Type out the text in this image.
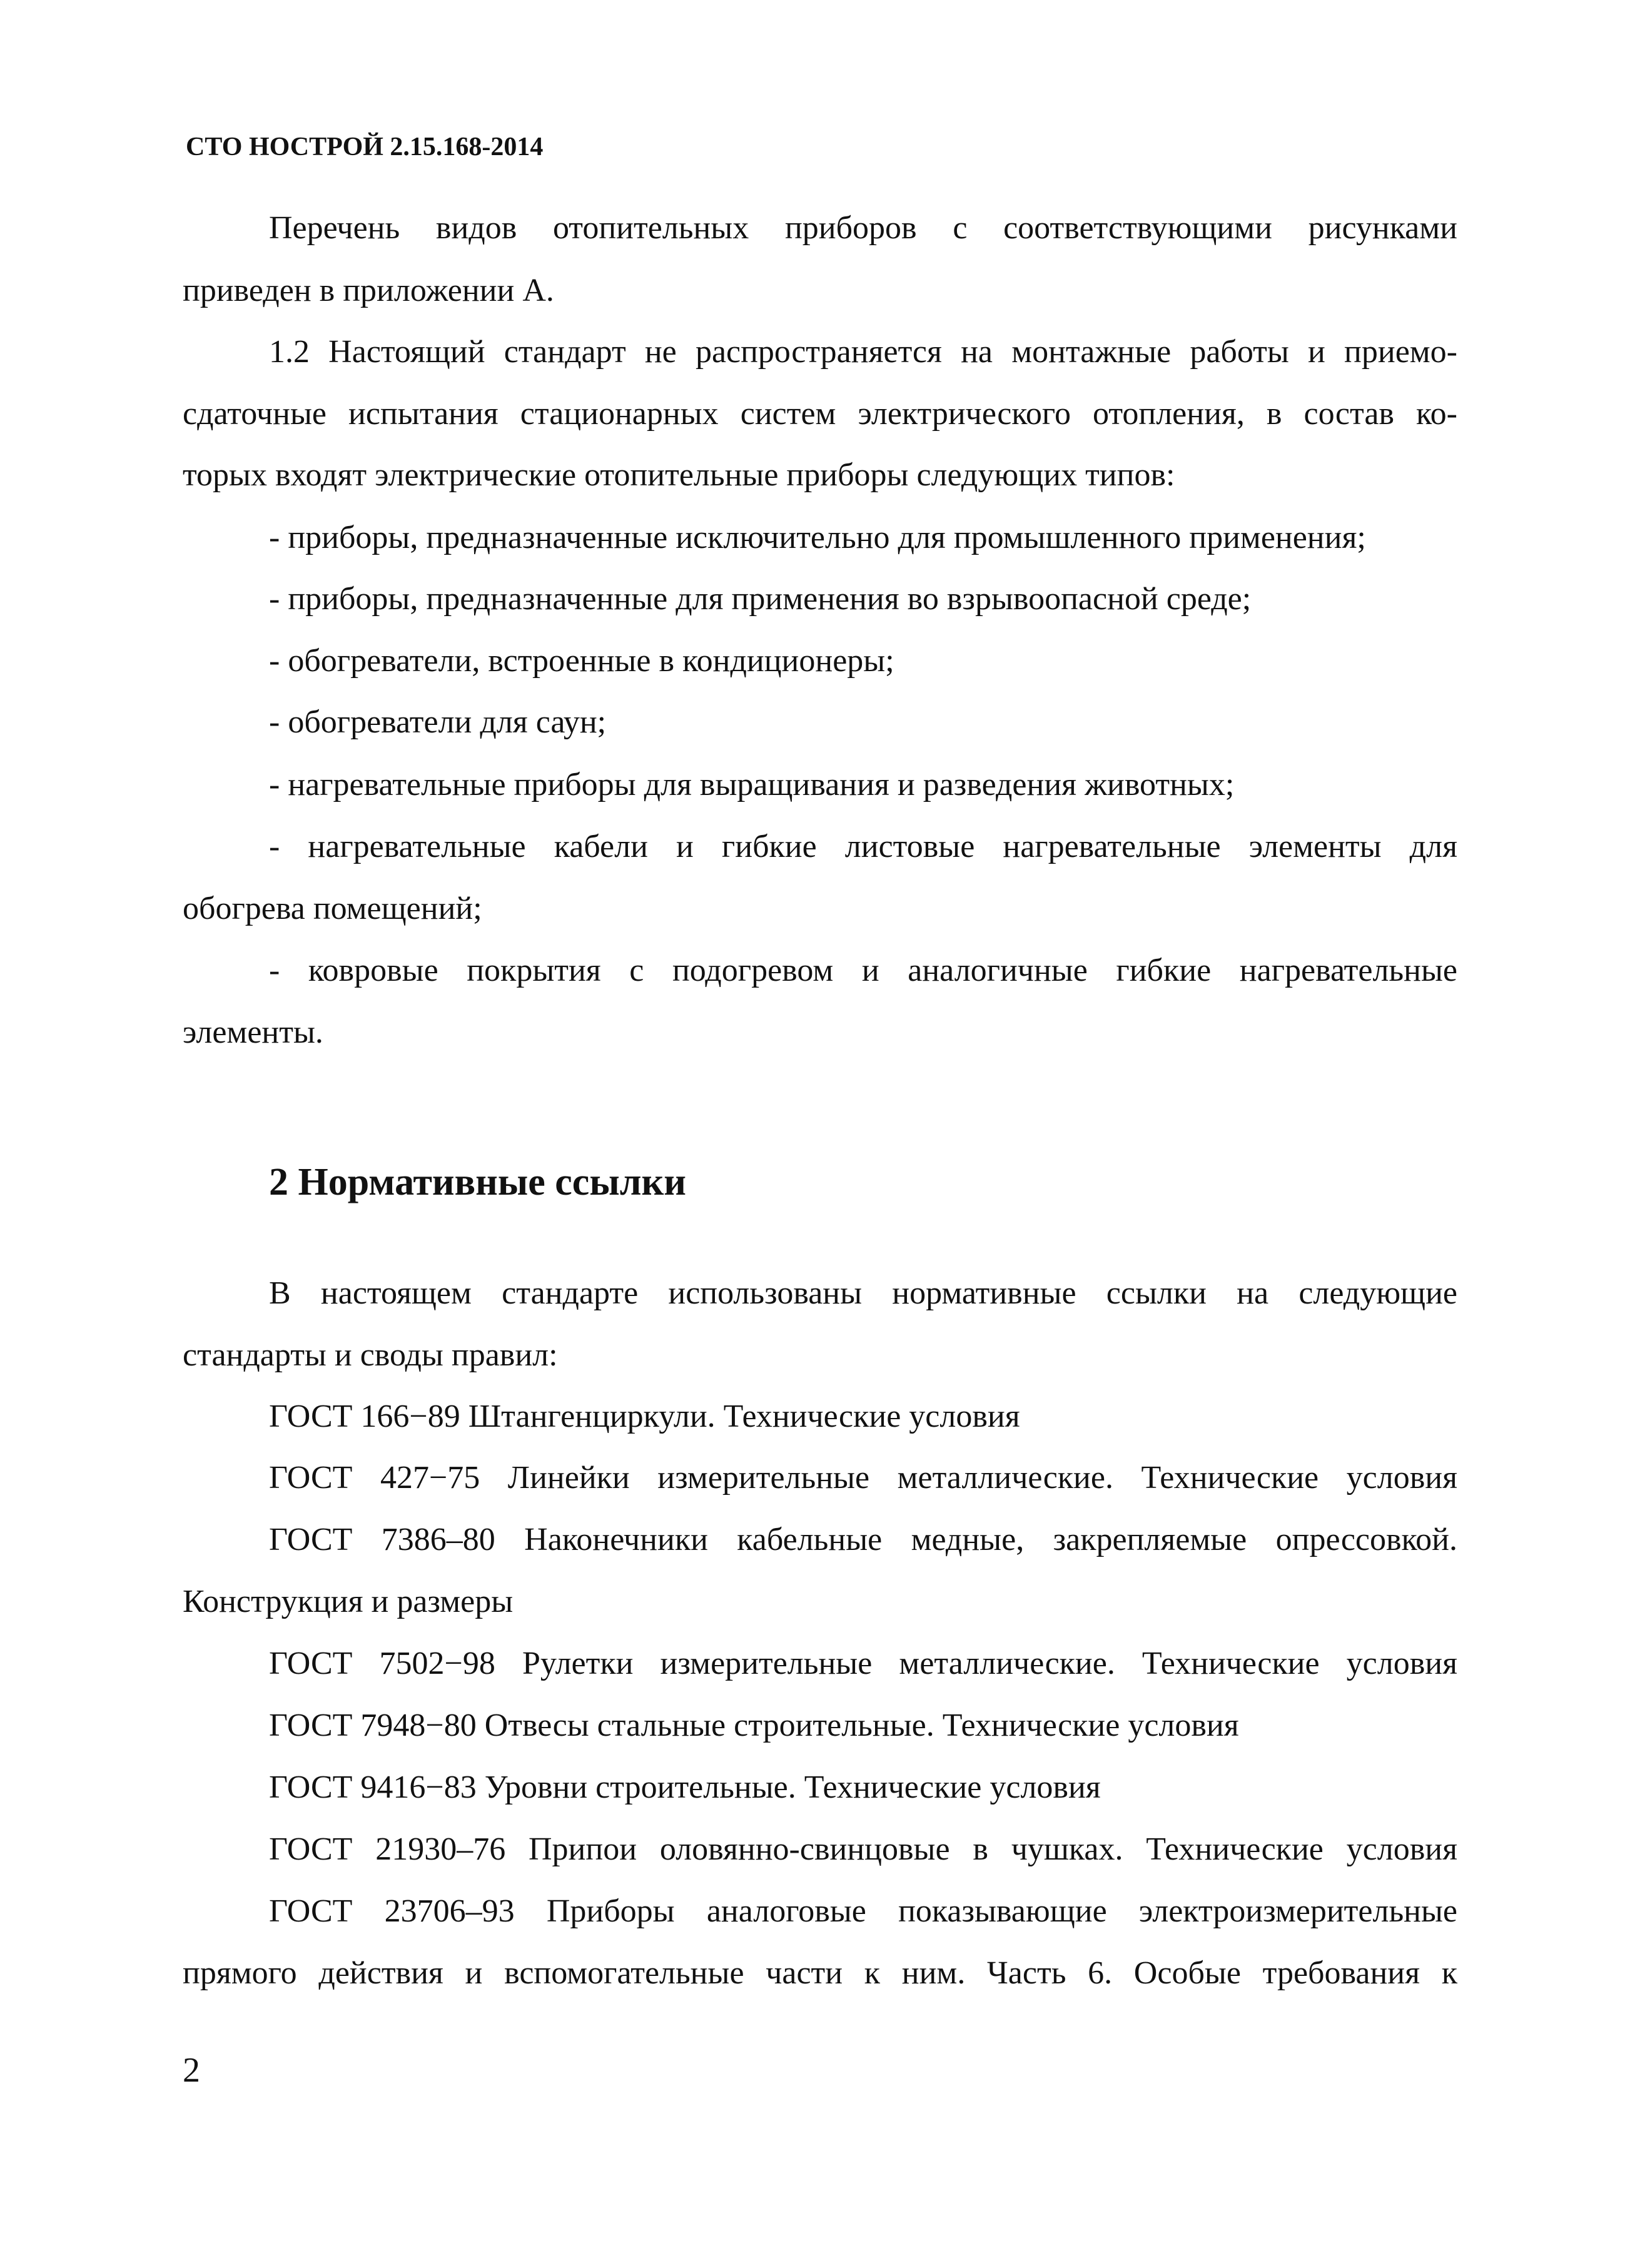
СТО НОСТРОЙ 2.15.168-2014
Перечень видов отопительных приборов с соответствующими рисунками
приведен в приложении А.
1.2 Настоящий стандарт не распространяется на монтажные работы и приемо-
сдаточные испытания стационарных систем электрического отопления, в состав ко-
торых входят электрические отопительные приборы следующих типов:
- приборы, предназначенные исключительно для промышленного применения;
- приборы, предназначенные для применения во взрывоопасной среде;
- обогреватели, встроенные в кондиционеры;
- обогреватели для саун;
- нагревательные приборы для выращивания и разведения животных;
- нагревательные кабели и гибкие листовые нагревательные элементы для
обогрева помещений;
- ковровые покрытия с подогревом и аналогичные гибкие нагревательные
элементы.
2 Нормативные ссылки
В настоящем стандарте использованы нормативные ссылки на следующие
стандарты и своды правил:
ГОСТ 166−89 Штангенциркули. Технические условия
ГОСТ 427−75 Линейки измерительные металлические. Технические условия
ГОСТ 7386–80 Наконечники кабельные медные, закрепляемые опрессовкой.
Конструкция и размеры
ГОСТ 7502−98 Рулетки измерительные металлические. Технические условия
ГОСТ 7948−80 Отвесы стальные строительные. Технические условия
ГОСТ 9416−83 Уровни строительные. Технические условия
ГОСТ 21930–76 Припои оловянно-свинцовые в чушках. Технические условия
ГОСТ 23706–93 Приборы аналоговые показывающие электроизмерительные
прямого действия и вспомогательные части к ним. Часть 6. Особые требования к
2
